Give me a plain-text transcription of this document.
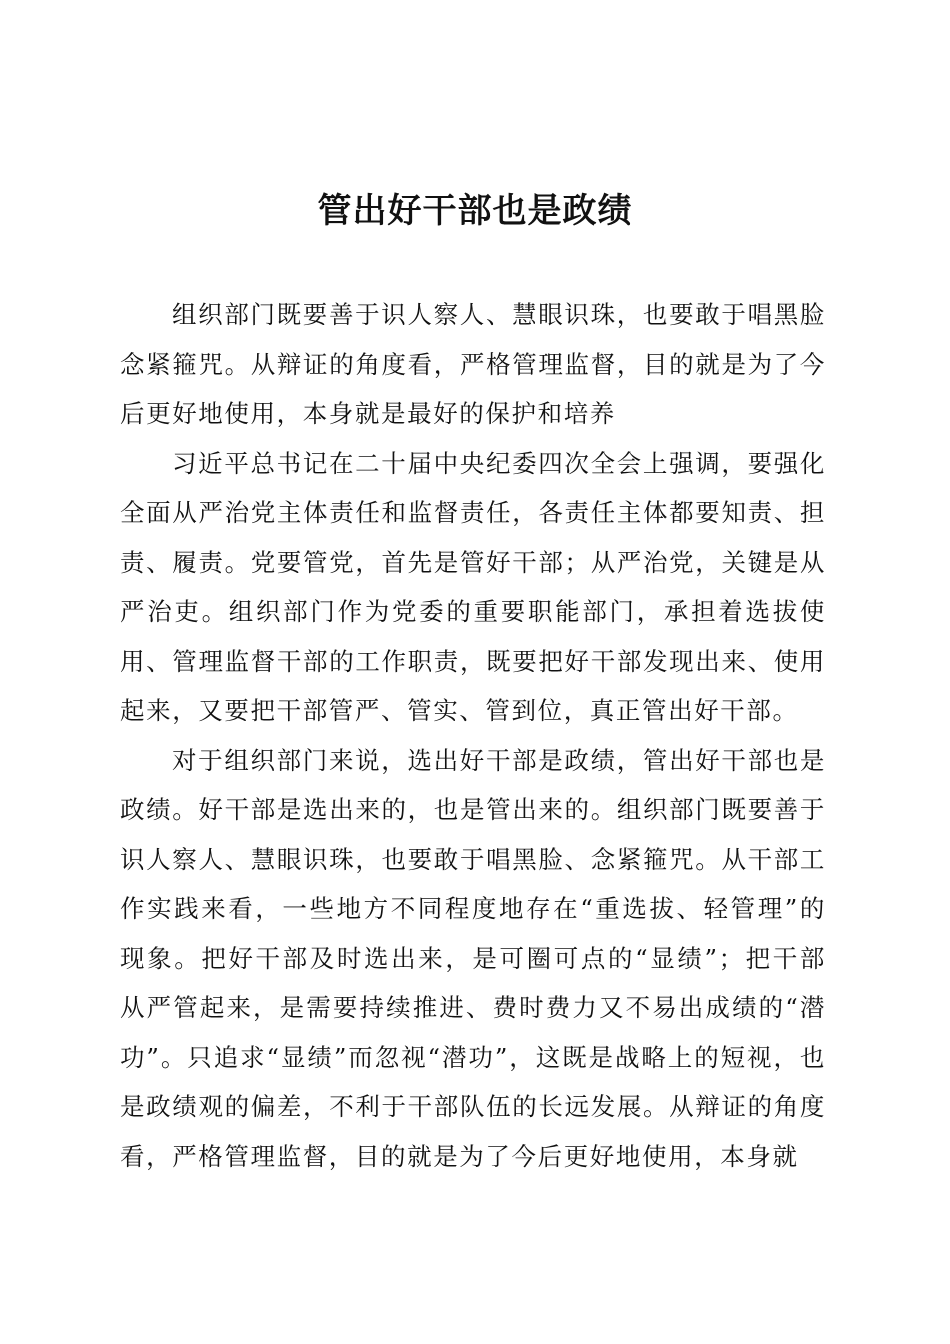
管出好干部也是政绩

组织部门既要善于识人察人、慧眼识珠，也要敢于唱黑脸念紧箍咒。从辩证的角度看，严格管理监督，目的就是为了今后更好地使用，本身就是最好的保护和培养

习近平总书记在二十届中央纪委四次全会上强调，要强化全面从严治党主体责任和监督责任，各责任主体都要知责、担责、履责。党要管党，首先是管好干部；从严治党，关键是从严治吏。组织部门作为党委的重要职能部门，承担着选拔使用、管理监督干部的工作职责，既要把好干部发现出来、使用起来，又要把干部管严、管实、管到位，真正管出好干部。

对于组织部门来说，选出好干部是政绩，管出好干部也是政绩。好干部是选出来的，也是管出来的。组织部门既要善于识人察人、慧眼识珠，也要敢于唱黑脸、念紧箍咒。从干部工作实践来看，一些地方不同程度地存在“重选拔、轻管理”的现象。把好干部及时选出来，是可圈可点的“显绩”；把干部从严管起来，是需要持续推进、费时费力又不易出成绩的“潜功”。只追求“显绩”而忽视“潜功”，这既是战略上的短视，也是政绩观的偏差，不利于干部队伍的长远发展。从辩证的角度看，严格管理监督，目的就是为了今后更好地使用，本身就
